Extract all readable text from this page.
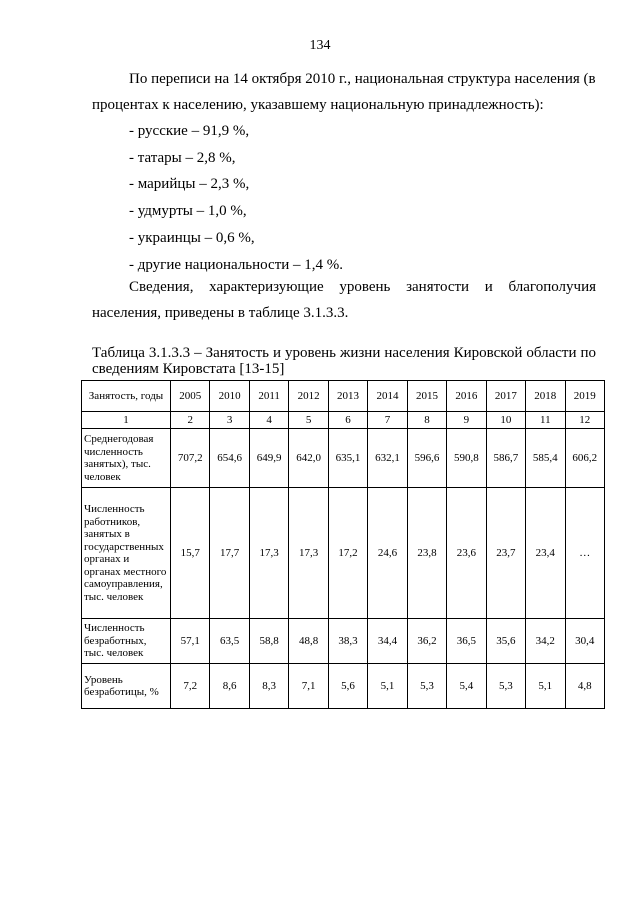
134

По переписи на 14 октября 2010 г., национальная структура населения (в процентах к населению, указавшему национальную принадлежность):

- русские – 91,9 %,
- татары – 2,8 %,
- марийцы – 2,3 %,
- удмурты – 1,0 %,
- украинцы – 0,6 %,
- другие национальности – 1,4 %.

Сведения, характеризующие уровень занятости и благополучия населения, приведены в таблице 3.1.3.3.

Таблица 3.1.3.3 – Занятость и уровень жизни населения Кировской области по сведениям Кировстата [13-15]

Занятость, годы	2005	2010	2011	2012	2013	2014	2015	2016	2017	2018	2019
1	2	3	4	5	6	7	8	9	10	11	12
Среднегодовая численность занятых), тыс. человек	707,2	654,6	649,9	642,0	635,1	632,1	596,6	590,8	586,7	585,4	606,2
Численность работников, занятых в государственных органах и органах местного самоуправления, тыс. человек	15,7	17,7	17,3	17,3	17,2	24,6	23,8	23,6	23,7	23,4	…
Численность безработных, тыс. человек	57,1	63,5	58,8	48,8	38,3	34,4	36,2	36,5	35,6	34,2	30,4
Уровень безработицы, %	7,2	8,6	8,3	7,1	5,6	5,1	5,3	5,4	5,3	5,1	4,8
